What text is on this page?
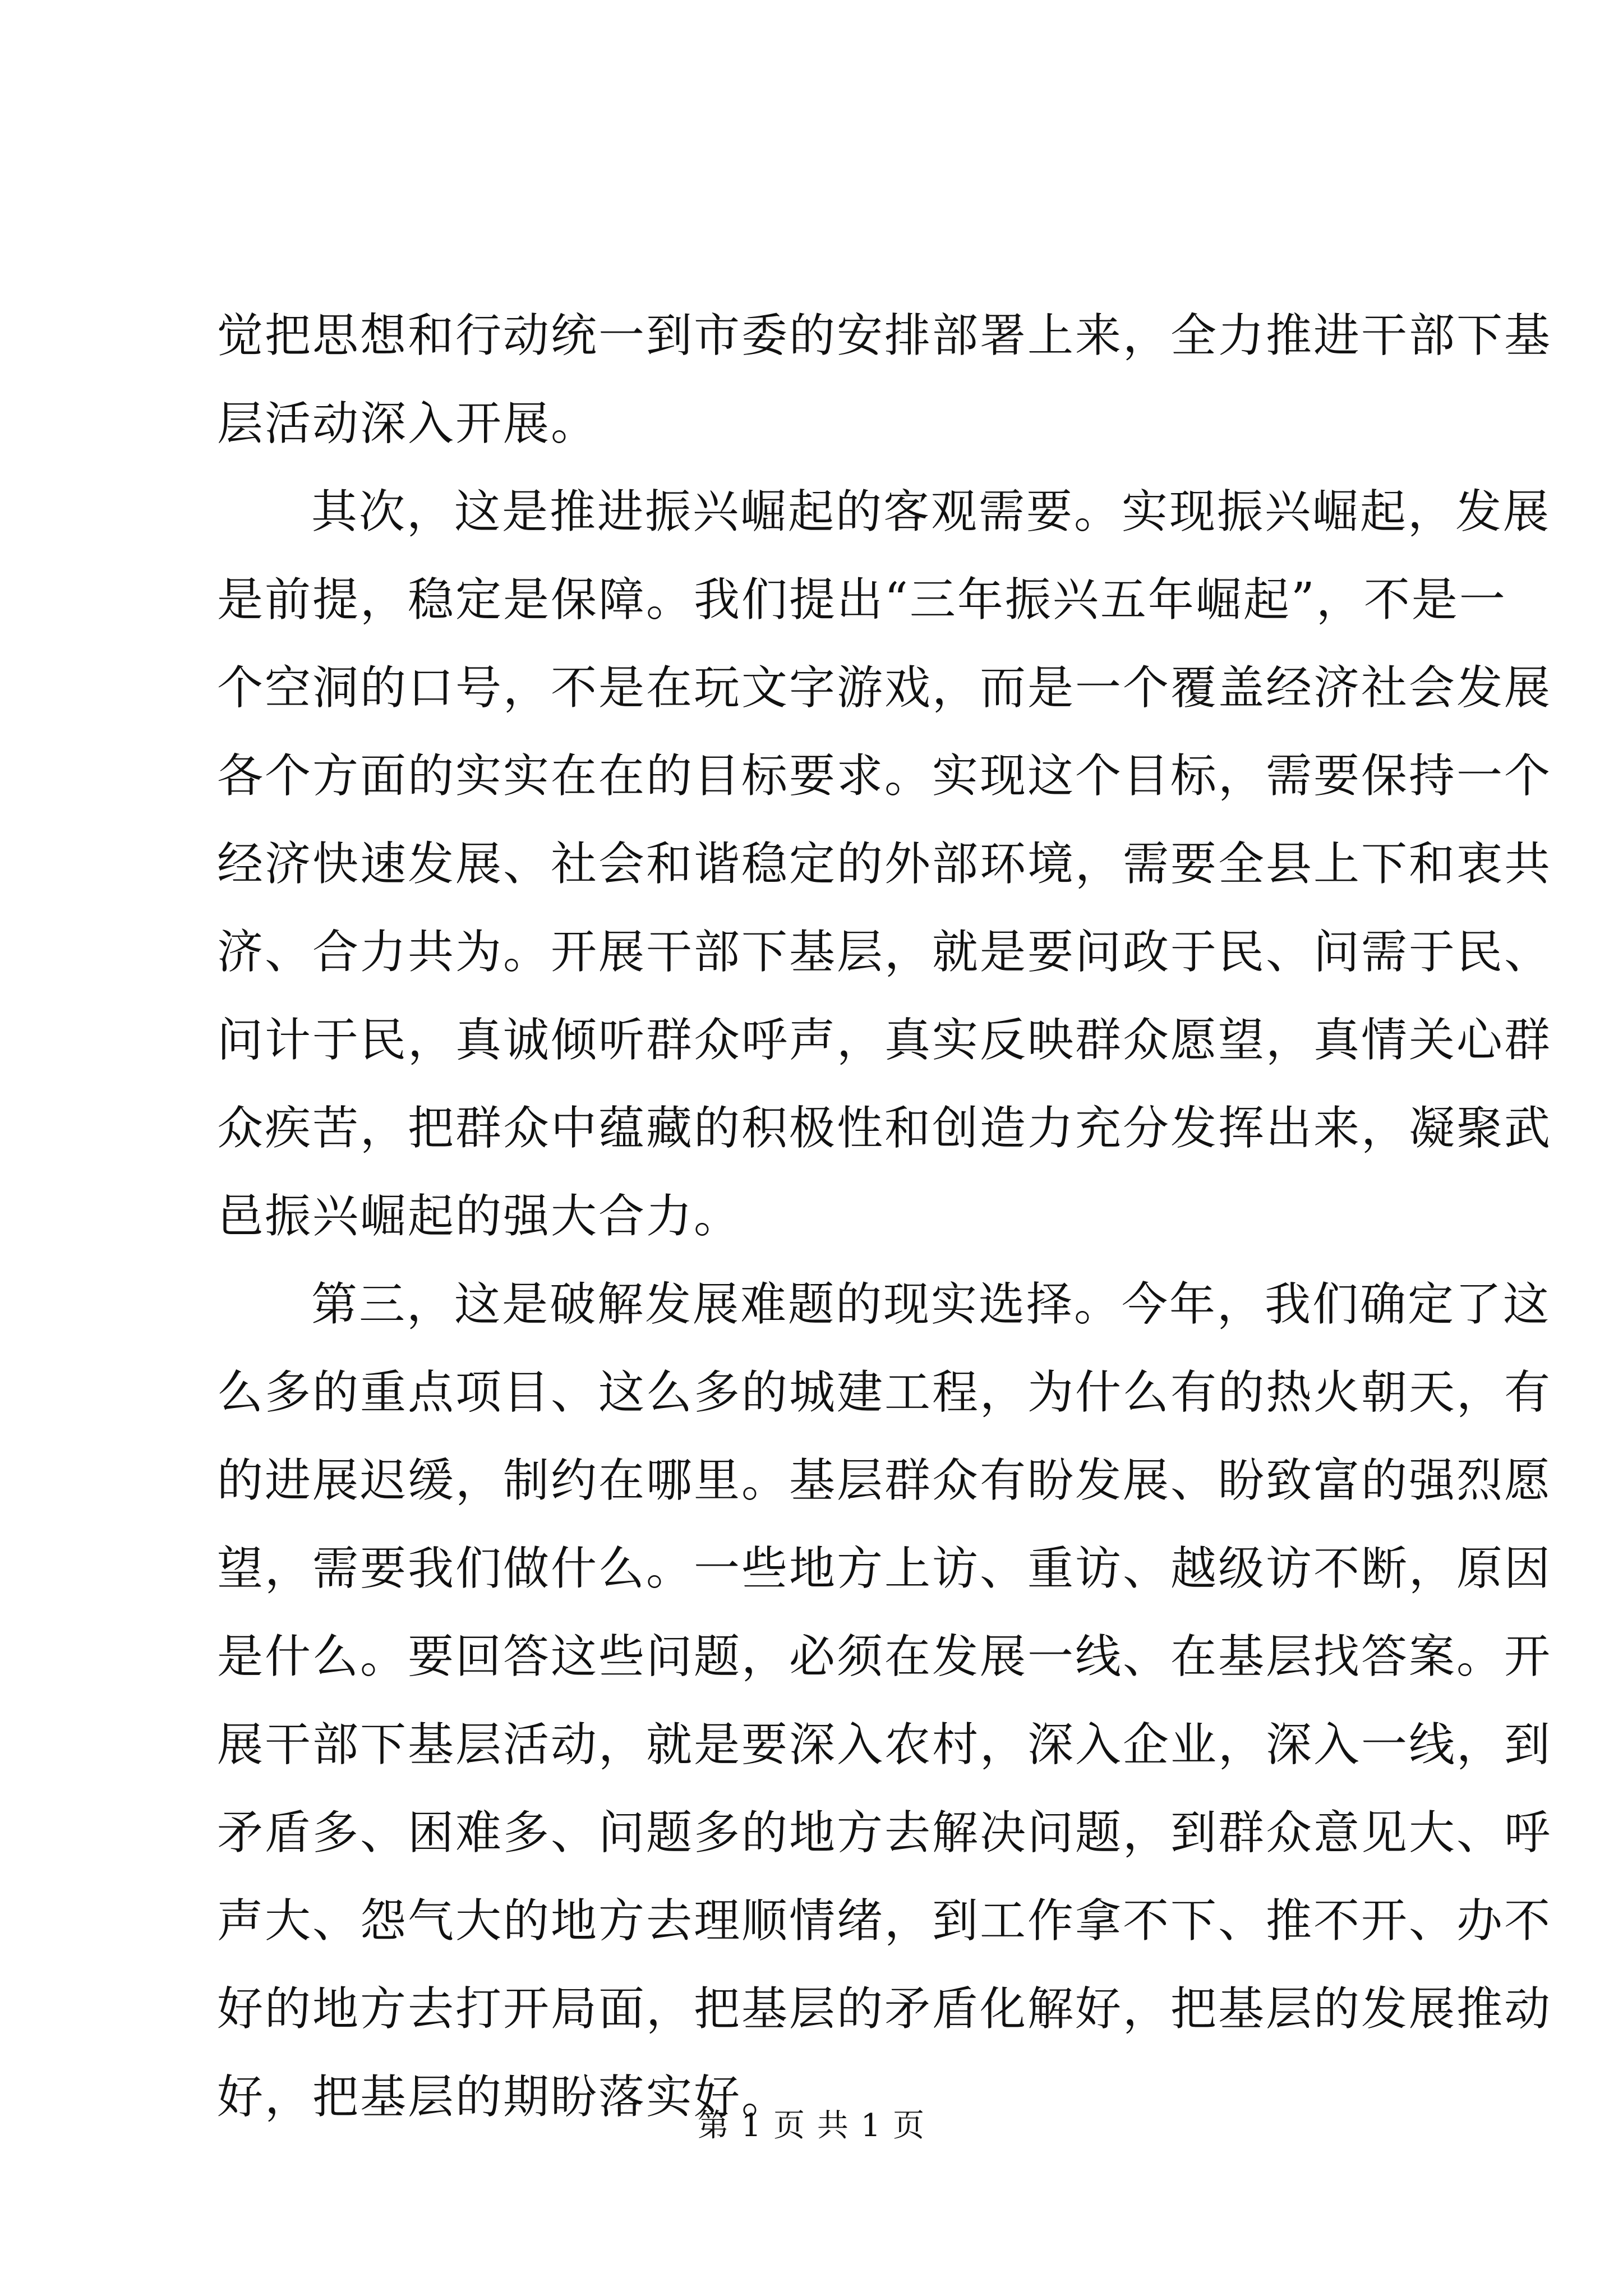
觉把思想和行动统一到市委的安排部署上来，全力推进干部下基
层活动深入开展。
其次，这是推进振兴崛起的客观需要。实现振兴崛起，发展
是前提，稳定是保障。我们提出“三年振兴五年崛起”，不是一
个空洞的口号，不是在玩文字游戏，而是一个覆盖经济社会发展
各个方面的实实在在的目标要求。实现这个目标，需要保持一个
经济快速发展、社会和谐稳定的外部环境，需要全县上下和衷共
济、合力共为。开展干部下基层，就是要问政于民、问需于民、
问计于民，真诚倾听群众呼声，真实反映群众愿望，真情关心群
众疾苦，把群众中蕴藏的积极性和创造力充分发挥出来，凝聚武
邑振兴崛起的强大合力。
第三，这是破解发展难题的现实选择。今年，我们确定了这
么多的重点项目、这么多的城建工程，为什么有的热火朝天，有
的进展迟缓，制约在哪里。基层群众有盼发展、盼致富的强烈愿
望，需要我们做什么。一些地方上访、重访、越级访不断，原因
是什么。要回答这些问题，必须在发展一线、在基层找答案。开
展干部下基层活动，就是要深入农村，深入企业，深入一线，到
矛盾多、困难多、问题多的地方去解决问题，到群众意见大、呼
声大、怨气大的地方去理顺情绪，到工作拿不下、推不开、办不
好的地方去打开局面，把基层的矛盾化解好，把基层的发展推动
好，把基层的期盼落实好。
第 1 页 共 1 页
